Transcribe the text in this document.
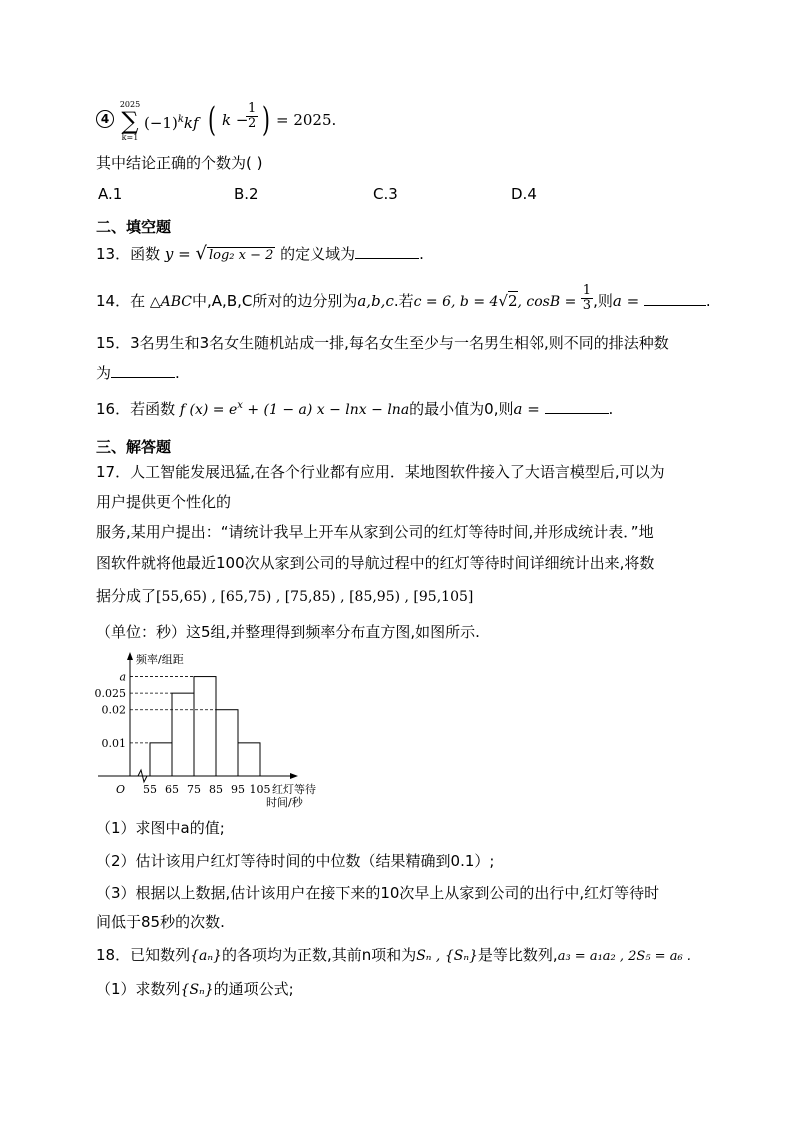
4
2025
∑
k=1
$(-1)^kkf$ ( k −
$\frac{1}{2}$ ) = 2025.
其中结论正确的个数为( )
A.1	B.2	C.3	D.4
二、填空题
13．函数 y = √ log₂ x − 2 的定义域为	.
14．在 △ABC中,A,B,C所对的边分别为a,b,c.若c = 6, b = 4√2, $\cos B = \frac{1}{3}$ ,则a =	.
15．3名男生和3名女生随机站成一排,每名女生至少与一名男生相邻,则不同的排法种数
为	.
16．若函数 f $(x) = e^x + (1 - a) x - \ln x - \ln a$的最小值为0,则a =	.
三、解答题
17．人工智能发展迅猛,在各个行业都有应用．某地图软件接入了大语言模型后,可以为
用户提供更个性化的
服务,某用户提出：“请统计我早上开车从家到公司的红灯等待时间,并形成统计表．”地
图软件就将他最近100次从家到公司的导航过程中的红灯等待时间详细统计出来,将数
据分成了[55,65) , [65,75) , [75,85) , [85,95) , [95,105]
（单位：秒）这5组,并整理得到频率分布直方图,如图所示.
频率/组距
O
a
0.025
0.02
0.01
55 65 75 85 95 105 红灯等待
时间/秒
（1）求图中a的值;
（2）估计该用户红灯等待时间的中位数（结果精确到0.1）;
（3）根据以上数据,估计该用户在接下来的10次早上从家到公司的出行中,红灯等待时
间低于85秒的次数.
18．已知数列{aₙ}的各项均为正数,其前n项和为Sₙ , {Sₙ}是等比数列,a₃ = a₁a₂ , 2S₅ = a₆ .
（1）求数列{Sₙ}的通项公式;
